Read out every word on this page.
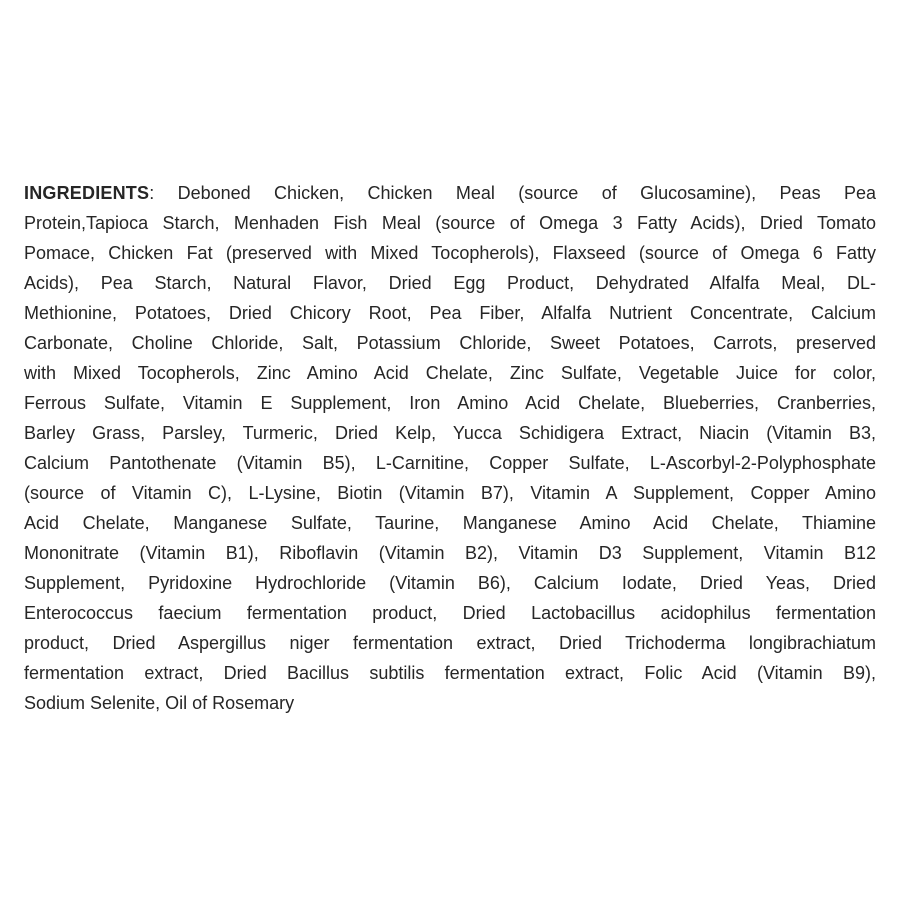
INGREDIENTS: Deboned Chicken, Chicken Meal (source of Glucosamine), Peas Pea
Protein,Tapioca Starch, Menhaden Fish Meal (source of Omega 3 Fatty Acids), Dried Tomato
Pomace, Chicken Fat (preserved with Mixed Tocopherols), Flaxseed (source of Omega 6 Fatty
Acids), Pea Starch, Natural Flavor, Dried Egg Product, Dehydrated Alfalfa Meal, DL-
Methionine, Potatoes, Dried Chicory Root, Pea Fiber, Alfalfa Nutrient Concentrate, Calcium
Carbonate, Choline Chloride, Salt, Potassium Chloride, Sweet Potatoes, Carrots, preserved
with Mixed Tocopherols, Zinc Amino Acid Chelate, Zinc Sulfate, Vegetable Juice for color,
Ferrous Sulfate, Vitamin E Supplement, Iron Amino Acid Chelate, Blueberries, Cranberries,
Barley Grass, Parsley, Turmeric, Dried Kelp, Yucca Schidigera Extract, Niacin (Vitamin B3,
Calcium Pantothenate (Vitamin B5), L-Carnitine, Copper Sulfate, L-Ascorbyl-2-Polyphosphate
(source of Vitamin C), L-Lysine, Biotin (Vitamin B7), Vitamin A Supplement, Copper Amino
Acid Chelate, Manganese Sulfate, Taurine, Manganese Amino Acid Chelate, Thiamine
Mononitrate (Vitamin B1), Riboflavin (Vitamin B2), Vitamin D3 Supplement, Vitamin B12
Supplement, Pyridoxine Hydrochloride (Vitamin B6), Calcium Iodate, Dried Yeas, Dried
Enterococcus faecium fermentation product, Dried Lactobacillus acidophilus fermentation
product, Dried Aspergillus niger fermentation extract, Dried Trichoderma longibrachiatum
fermentation extract, Dried Bacillus subtilis fermentation extract, Folic Acid (Vitamin B9),
Sodium Selenite, Oil of Rosemary
